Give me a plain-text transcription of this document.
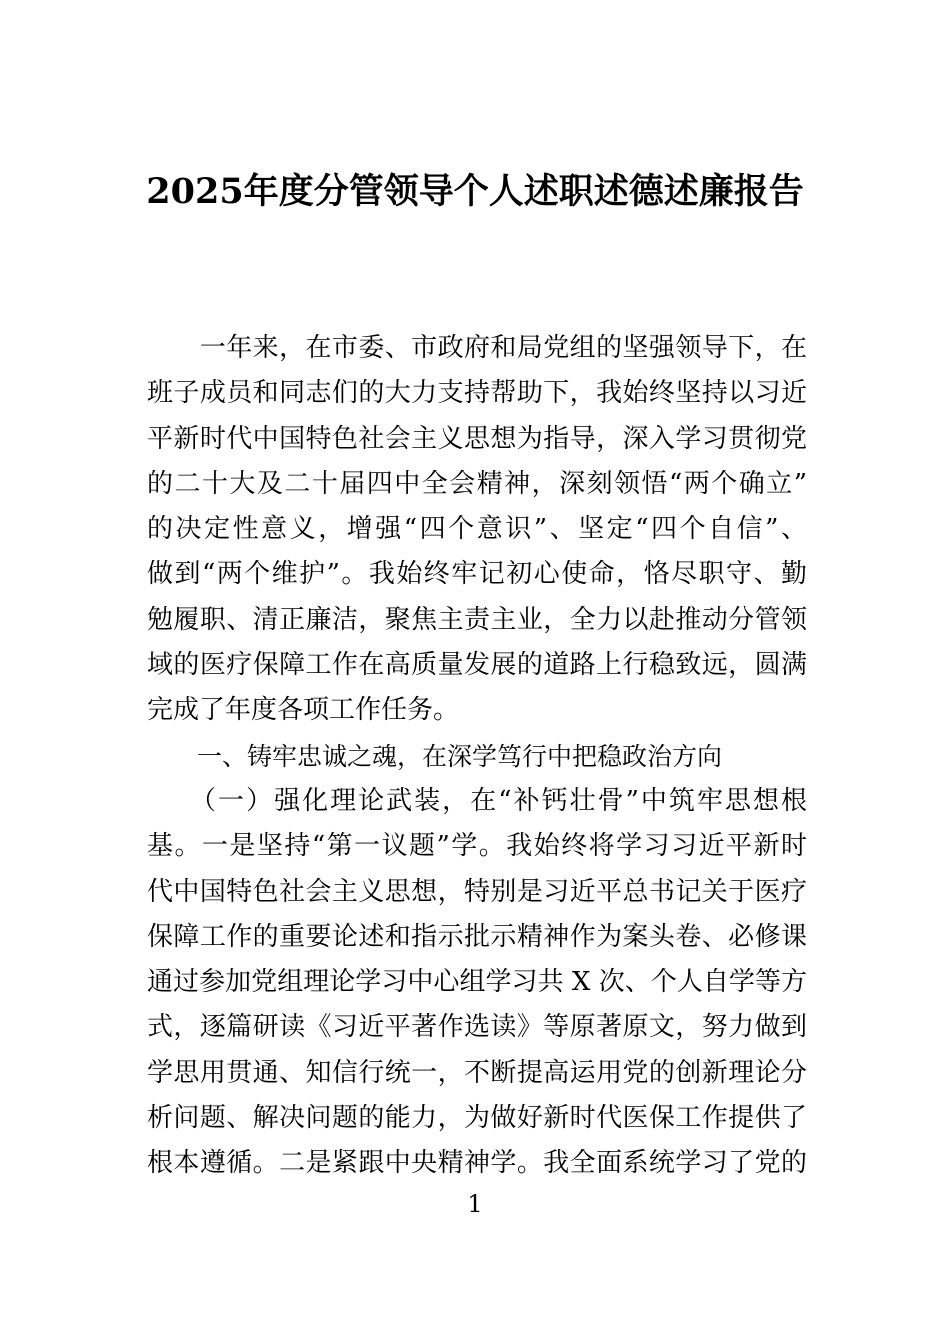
2025年度分管领导个人述职述德述廉报告
　　一年来，在市委、市政府和局党组的坚强领导下，在
班子成员和同志们的大力支持帮助下，我始终坚持以习近
平新时代中国特色社会主义思想为指导，深入学习贯彻党
的二十大及二十届四中全会精神，深刻领悟“两个确立”
的决定性意义，增强“四个意识”、坚定“四个自信”、
做到“两个维护”。我始终牢记初心使命，恪尽职守、勤
勉履职、清正廉洁，聚焦主责主业，全力以赴推动分管领
域的医疗保障工作在高质量发展的道路上行稳致远，圆满
完成了年度各项工作任务。
　　一、铸牢忠诚之魂，在深学笃行中把稳政治方向
　　（一）强化理论武装，在“补钙壮骨”中筑牢思想根
基。一是坚持“第一议题”学。我始终将学习习近平新时
代中国特色社会主义思想，特别是习近平总书记关于医疗
保障工作的重要论述和指示批示精神作为案头卷、必修课
通过参加党组理论学习中心组学习共 X 次、个人自学等方
式，逐篇研读《习近平著作选读》等原著原文，努力做到
学思用贯通、知信行统一，不断提高运用党的创新理论分
析问题、解决问题的能力，为做好新时代医保工作提供了
根本遵循。二是紧跟中央精神学。我全面系统学习了党的
1
